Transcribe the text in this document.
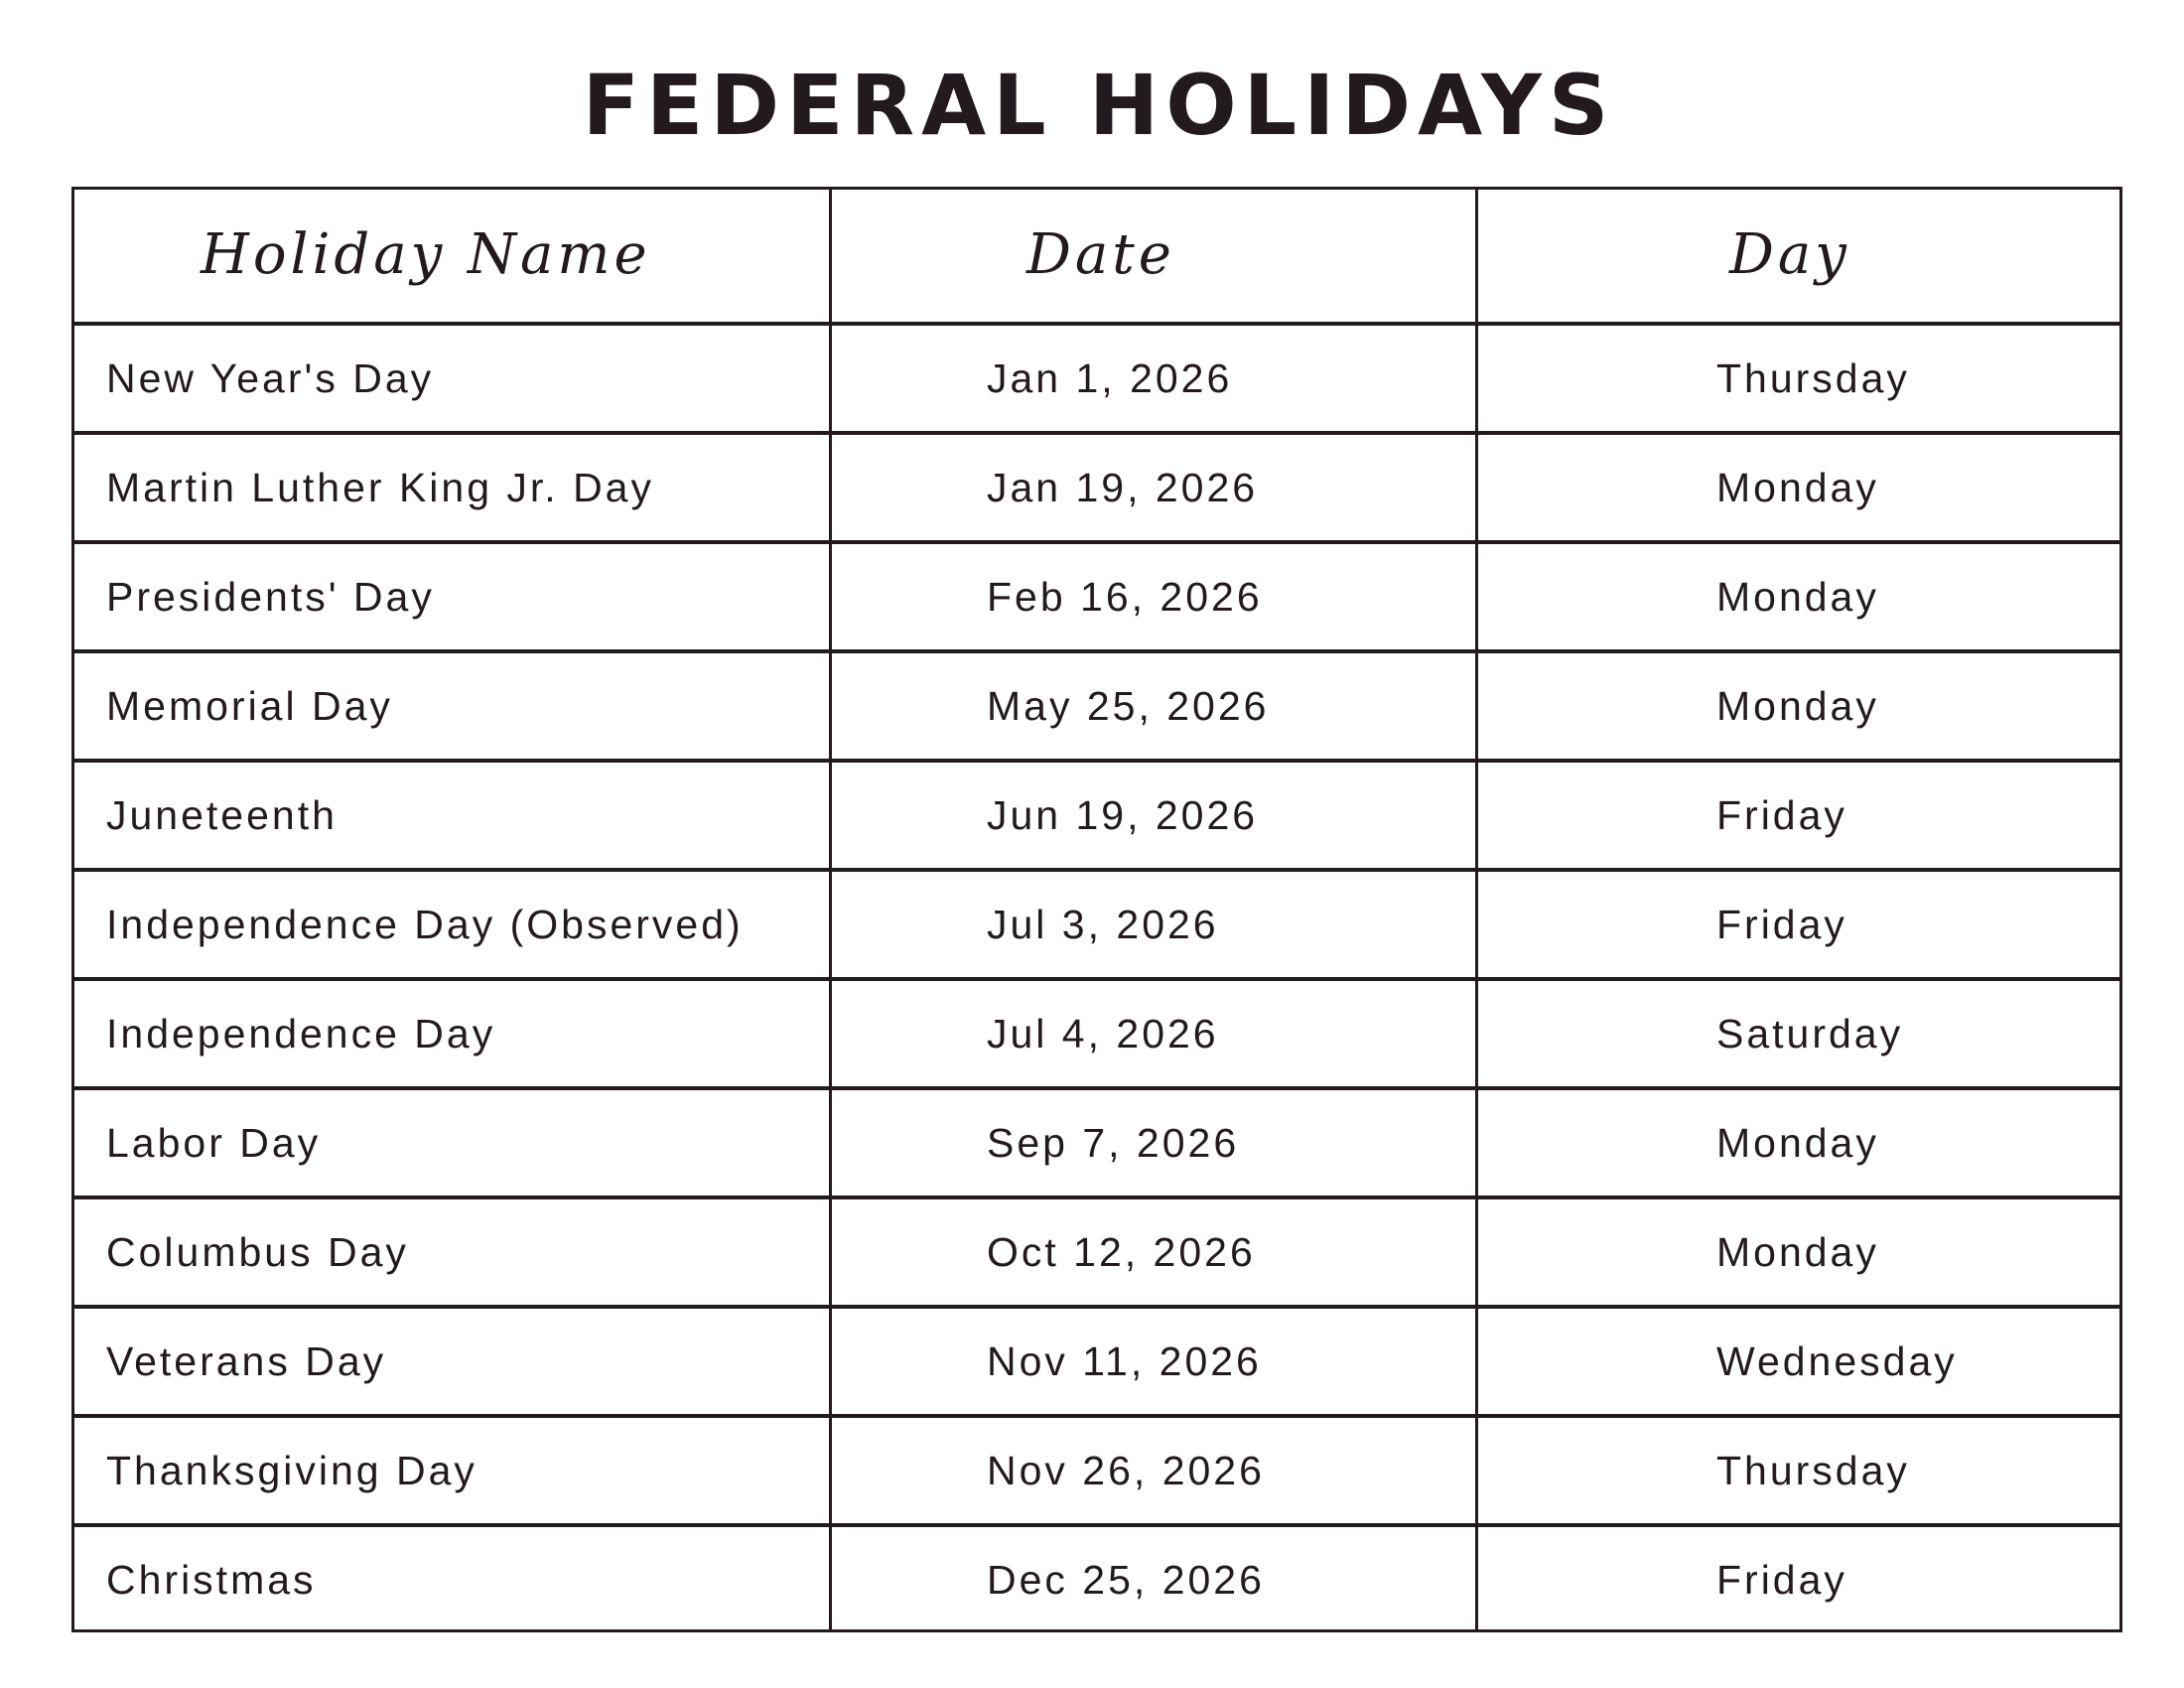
FEDERAL HOLIDAYS
Holiday Name	Date	Day
New Year's Day	Jan 1, 2026	Thursday
Martin Luther King Jr. Day	Jan 19, 2026	Monday
Presidents' Day	Feb 16, 2026	Monday
Memorial Day	May 25, 2026	Monday
Juneteenth	Jun 19, 2026	Friday
Independence Day (Observed)	Jul 3, 2026	Friday
Independence Day	Jul 4, 2026	Saturday
Labor Day	Sep 7, 2026	Monday
Columbus Day	Oct 12, 2026	Monday
Veterans Day	Nov 11, 2026	Wednesday
Thanksgiving Day	Nov 26, 2026	Thursday
Christmas	Dec 25, 2026	Friday
